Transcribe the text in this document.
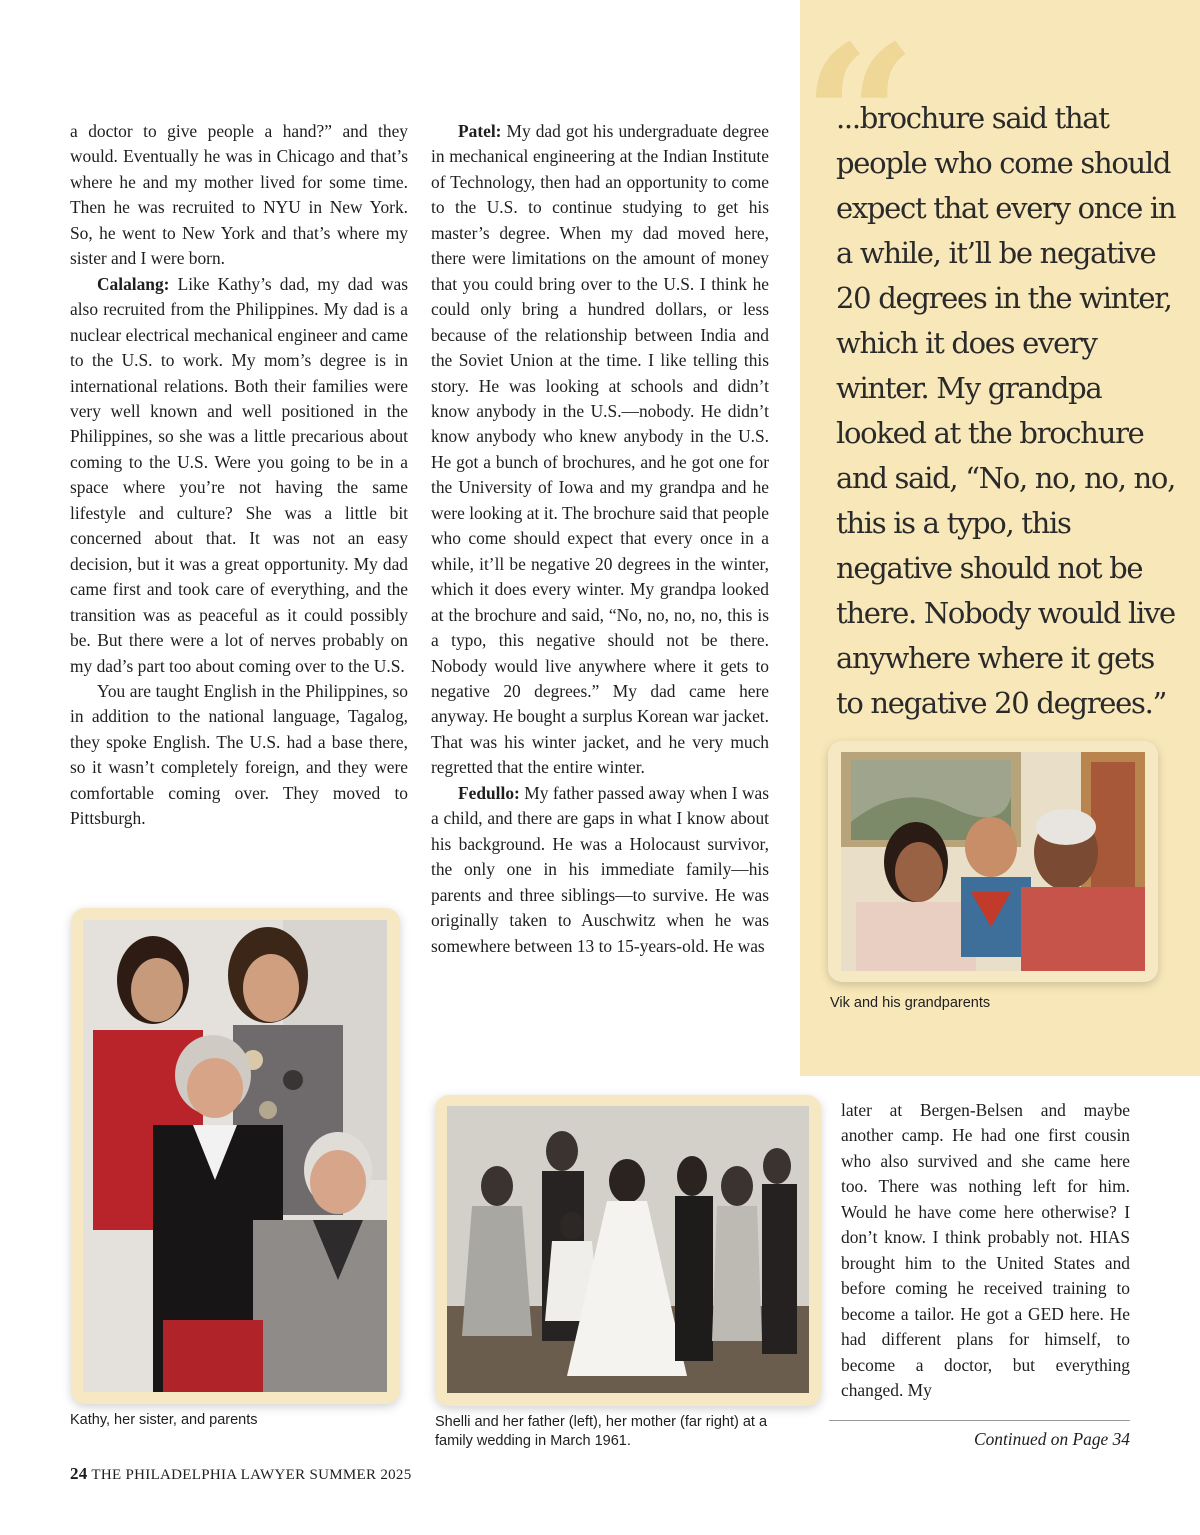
“

...brochure said that people who come should expect that every once in a while, it’ll be negative 20 degrees in the winter, which it does every winter. My grandpa looked at the brochure and said, “No, no, no, no, this is a typo, this negative should not be there. Nobody would live anywhere where it gets to negative 20 degrees.”

a doctor to give people a hand?” and they would. Eventually he was in Chicago and that’s where he and my mother lived for some time. Then he was recruited to NYU in New York. So, he went to New York and that’s where my sister and I were born.

Calalang: Like Kathy’s dad, my dad was also recruited from the Philippines. My dad is a nuclear electrical mechanical engineer and came to the U.S. to work. My mom’s degree is in international relations. Both their families were very well known and well positioned in the Philippines, so she was a little precarious about coming to the U.S. Were you going to be in a space where you’re not having the same lifestyle and culture? She was a little bit concerned about that. It was not an easy decision, but it was a great opportunity. My dad came first and took care of everything, and the transition was as peaceful as it could possibly be. But there were a lot of nerves probably on my dad’s part too about coming over to the U.S.

You are taught English in the Philippines, so in addition to the national language, Tagalog, they spoke English. The U.S. had a base there, so it wasn’t completely foreign, and they were comfortable coming over. They moved to Pittsburgh.

Patel: My dad got his undergraduate degree in mechanical engineering at the Indian Institute of Technology, then had an opportunity to come to the U.S. to continue studying to get his master’s degree. When my dad moved here, there were limitations on the amount of money that you could bring over to the U.S. I think he could only bring a hundred dollars, or less because of the relationship between India and the Soviet Union at the time. I like telling this story. He was looking at schools and didn’t know anybody in the U.S.—nobody. He didn’t know anybody who knew anybody in the U.S. He got a bunch of brochures, and he got one for the University of Iowa and my grandpa and he were looking at it. The brochure said that people who come should expect that every once in a while, it’ll be negative 20 degrees in the winter, which it does every winter. My grandpa looked at the brochure and said, “No, no, no, no, this is a typo, this negative should not be there. Nobody would live anywhere where it gets to negative 20 degrees.” My dad came here anyway. He bought a surplus Korean war jacket. That was his winter jacket, and he very much regretted that the entire winter.

Fedullo: My father passed away when I was a child, and there are gaps in what I know about his background. He was a Holocaust survivor, the only one in his immediate family—his parents and three siblings—to survive. He was originally taken to Auschwitz when he was somewhere between 13 to 15-years-old. He was

later at Bergen-Belsen and maybe another camp. He had one first cousin who also survived and she came here too. There was nothing left for him. Would he have come here otherwise? I don’t know. I think probably not. HIAS brought him to the United States and before coming he received training to become a tailor. He got a GED here. He had different plans for himself, to become a doctor, but everything changed. My

Vik and his grandparents
Kathy, her sister, and parents	Shelli and her father (left), her mother (far right) at a family wedding in March 1961.	Continued on Page 34
24 THE PHILADELPHIA LAWYER SUMMER 2025
